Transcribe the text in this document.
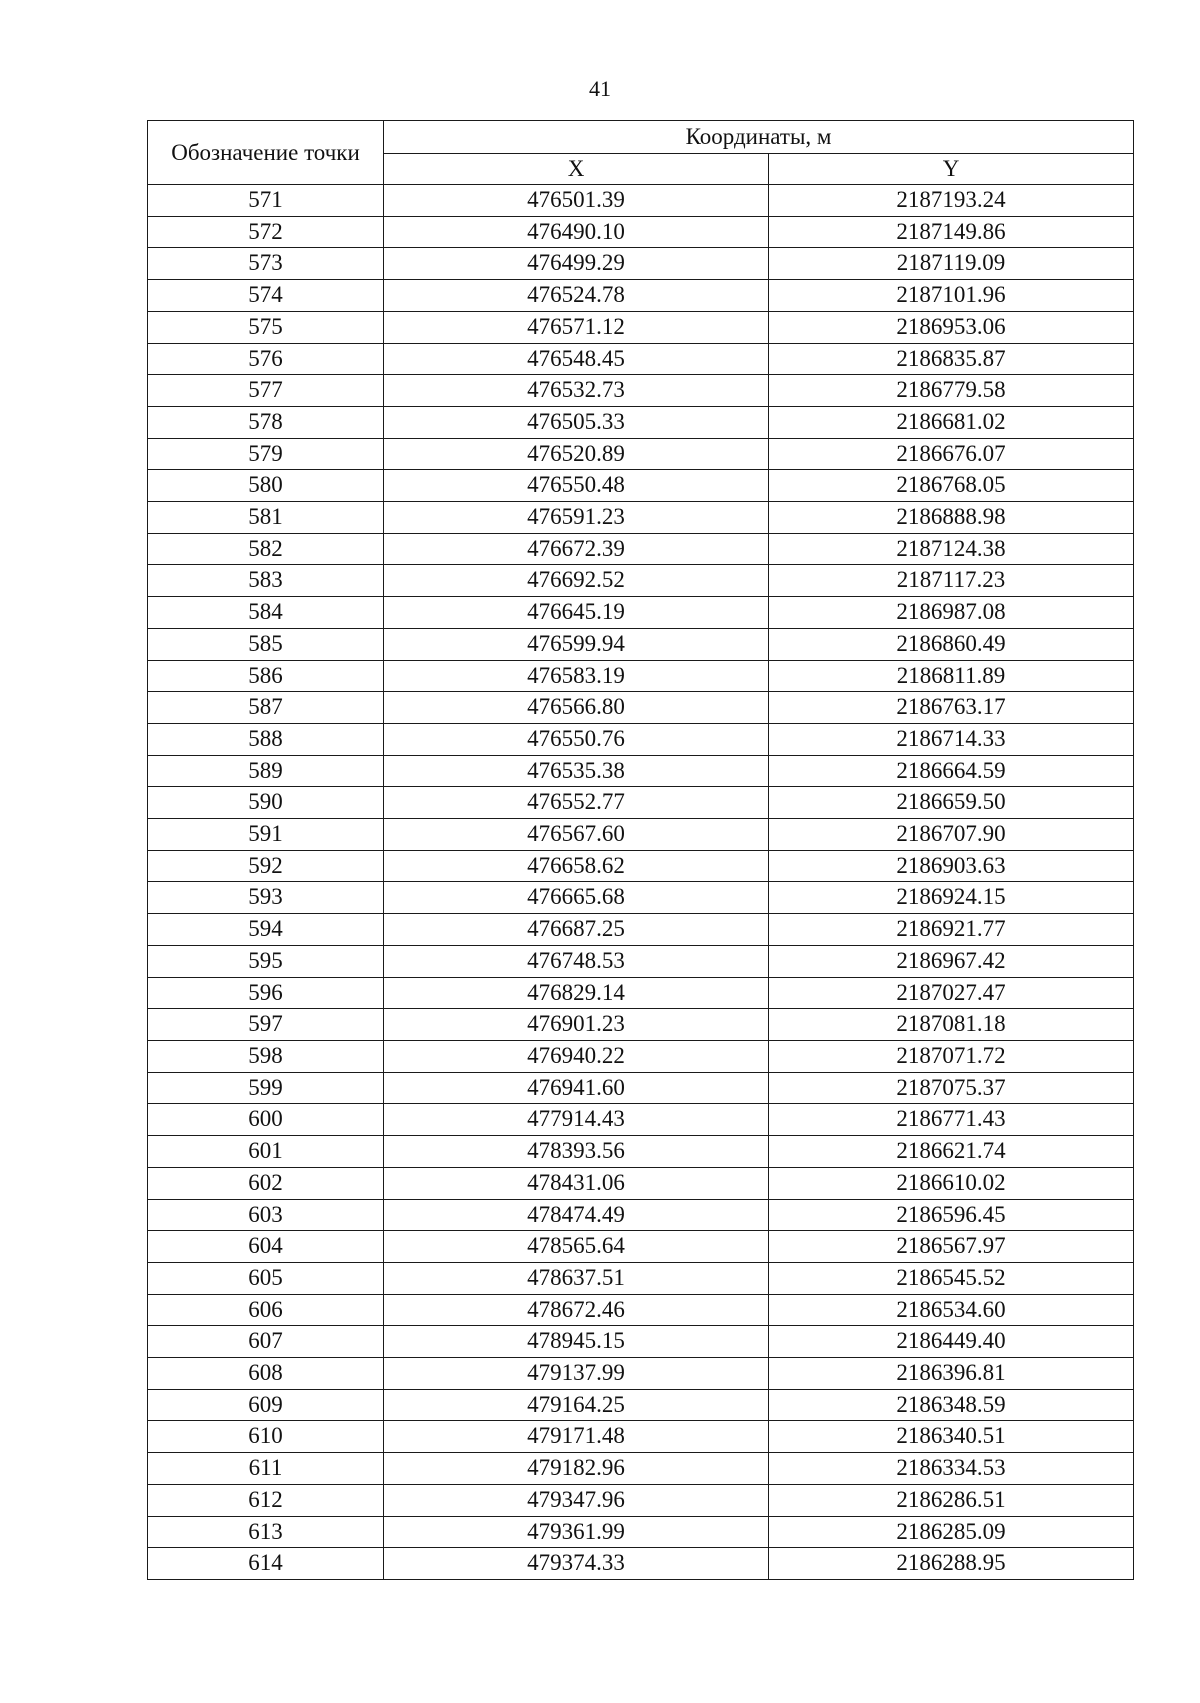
41
Обозначение точки	Координаты, м	
	X	Y
571	476501.39	2187193.24
572	476490.10	2187149.86
573	476499.29	2187119.09
574	476524.78	2187101.96
575	476571.12	2186953.06
576	476548.45	2186835.87
577	476532.73	2186779.58
578	476505.33	2186681.02
579	476520.89	2186676.07
580	476550.48	2186768.05
581	476591.23	2186888.98
582	476672.39	2187124.38
583	476692.52	2187117.23
584	476645.19	2186987.08
585	476599.94	2186860.49
586	476583.19	2186811.89
587	476566.80	2186763.17
588	476550.76	2186714.33
589	476535.38	2186664.59
590	476552.77	2186659.50
591	476567.60	2186707.90
592	476658.62	2186903.63
593	476665.68	2186924.15
594	476687.25	2186921.77
595	476748.53	2186967.42
596	476829.14	2187027.47
597	476901.23	2187081.18
598	476940.22	2187071.72
599	476941.60	2187075.37
600	477914.43	2186771.43
601	478393.56	2186621.74
602	478431.06	2186610.02
603	478474.49	2186596.45
604	478565.64	2186567.97
605	478637.51	2186545.52
606	478672.46	2186534.60
607	478945.15	2186449.40
608	479137.99	2186396.81
609	479164.25	2186348.59
610	479171.48	2186340.51
611	479182.96	2186334.53
612	479347.96	2186286.51
613	479361.99	2186285.09
614	479374.33	2186288.95
